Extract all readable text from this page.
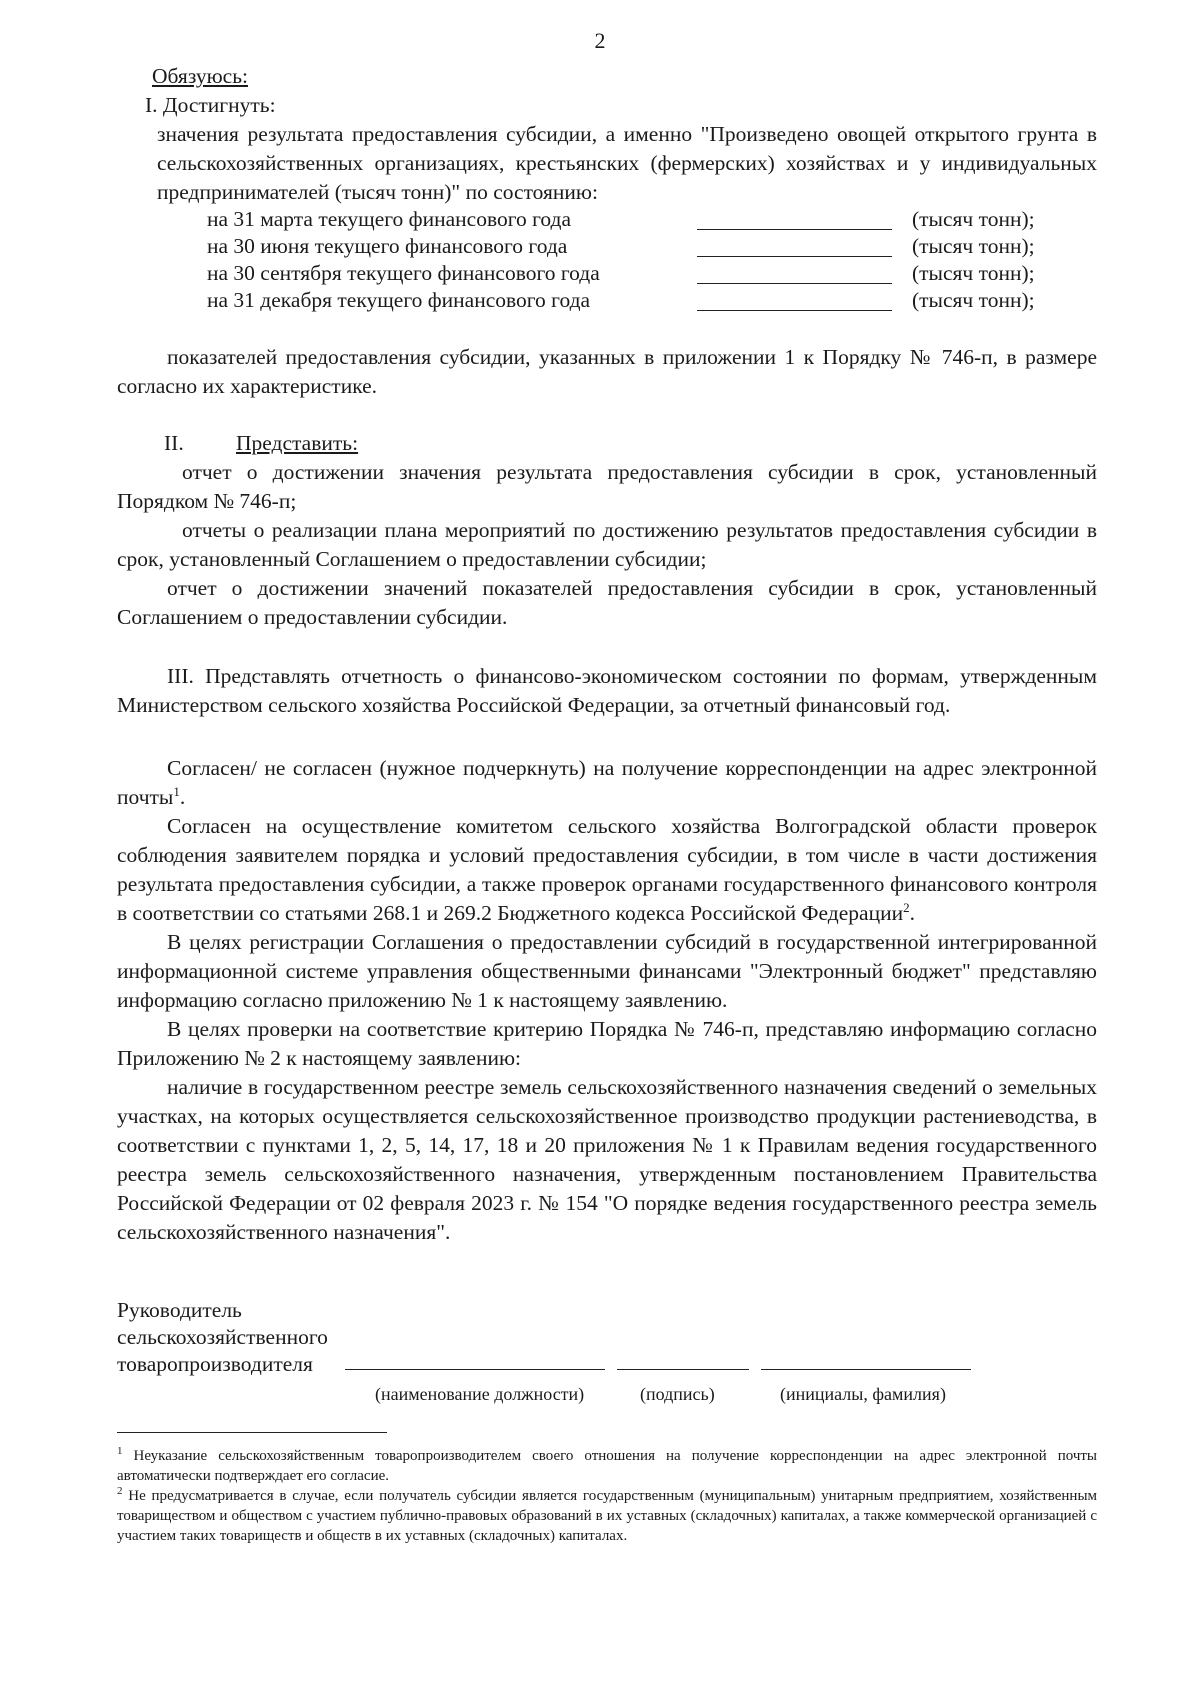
2

Обязуюсь:

I. Достигнуть:

значения результата предоставления субсидии, а именно "Произведено овощей открытого грунта в сельскохозяйственных организациях, крестьянских (фермерских) хозяйствах и у индивидуальных предпринимателей (тысяч тонн)" по состоянию:

на 31 марта текущего финансового года	(тысяч тонн);
на 30 июня текущего финансового года	(тысяч тонн);
на 30 сентября текущего финансового года	(тысяч тонн);
на 31 декабря текущего финансового года	(тысяч тонн);

показателей предоставления субсидии, указанных в приложении 1 к Порядку № 746-п, в размере согласно их характеристике.

II. Представить:

отчет о достижении значения результата предоставления субсидии в срок, установленный Порядком № 746-п;

отчеты о реализации плана мероприятий по достижению результатов предоставления субсидии в срок, установленный Соглашением о предоставлении субсидии;

отчет о достижении значений показателей предоставления субсидии в срок, установленный Соглашением о предоставлении субсидии.

III. Представлять отчетность о финансово-экономическом состоянии по формам, утвержденным Министерством сельского хозяйства Российской Федерации, за отчетный финансовый год.

Согласен/ не согласен (нужное подчеркнуть) на получение корреспонденции на адрес электронной почты$^1$.

Согласен на осуществление комитетом сельского хозяйства Волгоградской области проверок соблюдения заявителем порядка и условий предоставления субсидии, в том числе в части достижения результата предоставления субсидии, а также проверок органами государственного финансового контроля в соответствии со статьями 268.1 и 269.2 Бюджетного кодекса Российской Федерации$^2$.

В целях регистрации Соглашения о предоставлении субсидий в государственной интегрированной информационной системе управления общественными финансами "Электронный бюджет" представляю информацию согласно приложению № 1 к настоящему заявлению.

В целях проверки на соответствие критерию Порядка № 746-п, представляю информацию согласно Приложению № 2 к настоящему заявлению:

наличие в государственном реестре земель сельскохозяйственного назначения сведений о земельных участках, на которых осуществляется сельскохозяйственное производство продукции растениеводства, в соответствии с пунктами 1, 2, 5, 14, 17, 18 и 20 приложения № 1 к Правилам ведения государственного реестра земель сельскохозяйственного назначения, утвержденным постановлением Правительства Российской Федерации от 02 февраля 2023 г. № 154 "О порядке ведения государственного реестра земель сельскохозяйственного назначения".

Руководитель
сельскохозяйственного
товаропроизводителя
(наименование должности)	(подпись)	(инициалы, фамилия)

$^1$ Неуказание сельскохозяйственным товаропроизводителем своего отношения на получение корреспонденции на адрес электронной почты автоматически подтверждает его согласие.

$^2$ Не предусматривается в случае, если получатель субсидии является государственным (муниципальным) унитарным предприятием, хозяйственным товариществом и обществом с участием публично-правовых образований в их уставных (складочных) капиталах, а также коммерческой организацией с участием таких товариществ и обществ в их уставных (складочных) капиталах.
